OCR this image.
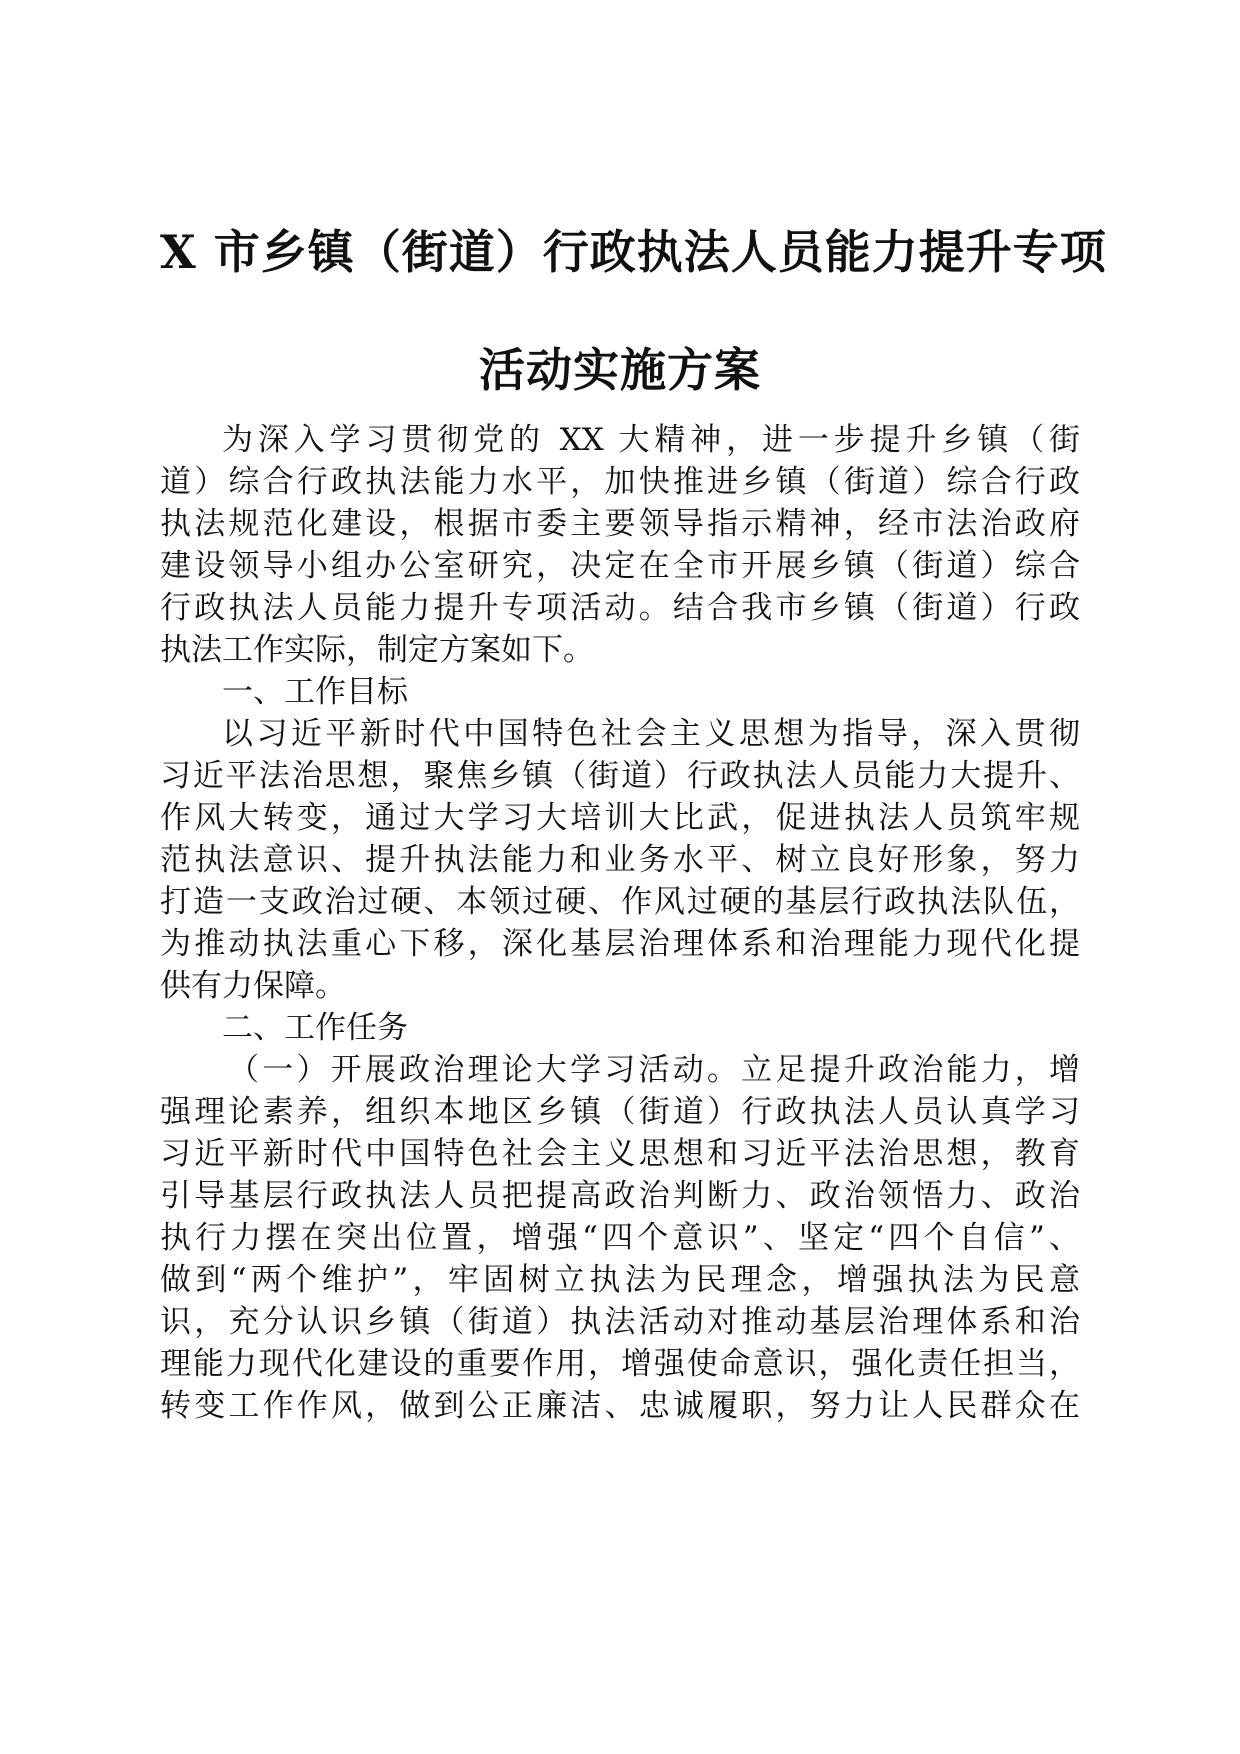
X 市乡镇（街道）行政执法人员能力提升专项
活动实施方案
为深入学习贯彻党的 XX 大精神，进一步提升乡镇（街
道）综合行政执法能力水平，加快推进乡镇（街道）综合行政
执法规范化建设，根据市委主要领导指示精神，经市法治政府
建设领导小组办公室研究，决定在全市开展乡镇（街道）综合
行政执法人员能力提升专项活动。结合我市乡镇（街道）行政
执法工作实际，制定方案如下。
一、工作目标
以习近平新时代中国特色社会主义思想为指导，深入贯彻
习近平法治思想，聚焦乡镇（街道）行政执法人员能力大提升、
作风大转变，通过大学习大培训大比武，促进执法人员筑牢规
范执法意识、提升执法能力和业务水平、树立良好形象，努力
打造一支政治过硬、本领过硬、作风过硬的基层行政执法队伍，
为推动执法重心下移，深化基层治理体系和治理能力现代化提
供有力保障。
二、工作任务
（一）开展政治理论大学习活动。立足提升政治能力，增
强理论素养，组织本地区乡镇（街道）行政执法人员认真学习
习近平新时代中国特色社会主义思想和习近平法治思想，教育
引导基层行政执法人员把提高政治判断力、政治领悟力、政治
执行力摆在突出位置，增强“四个意识”、坚定“四个自信”、
做到“两个维护”，牢固树立执法为民理念，增强执法为民意
识，充分认识乡镇（街道）执法活动对推动基层治理体系和治
理能力现代化建设的重要作用，增强使命意识，强化责任担当，
转变工作作风，做到公正廉洁、忠诚履职，努力让人民群众在
